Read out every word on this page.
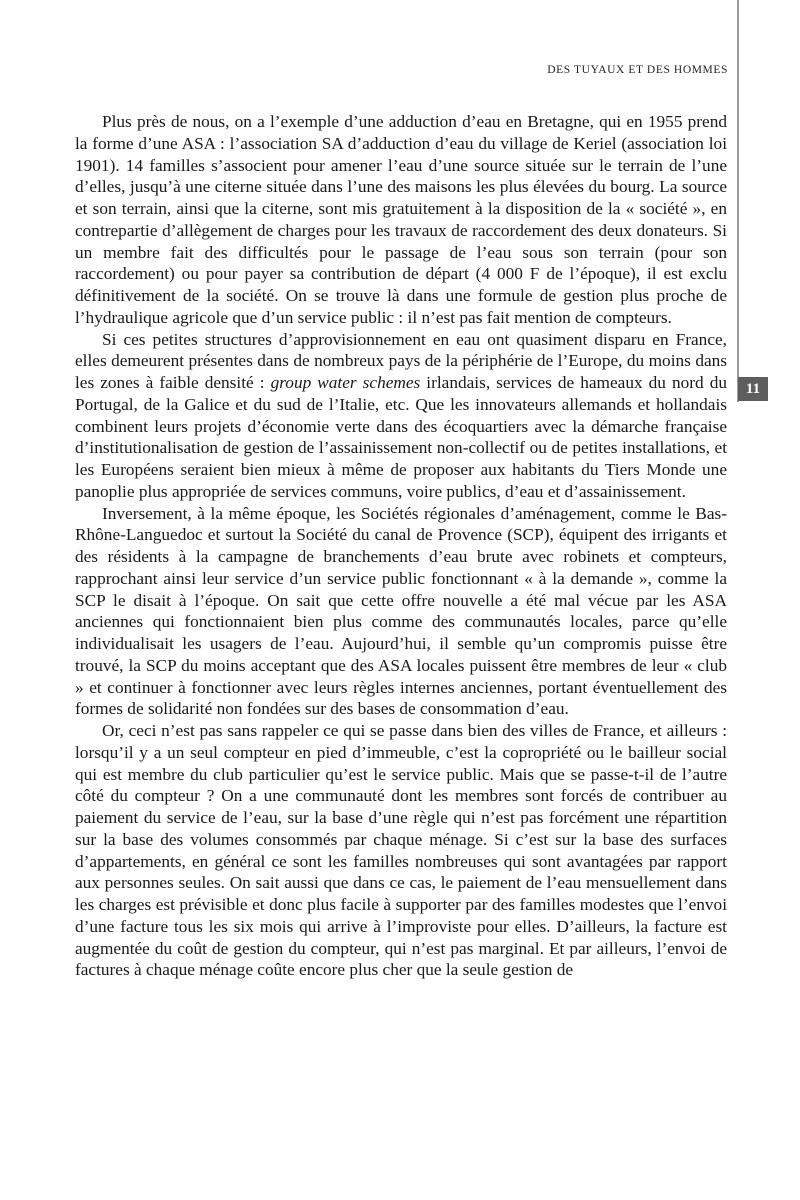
DES TUYAUX ET DES HOMMES
11

Plus près de nous, on a l’exemple d’une adduction d’eau en Bretagne, qui en 1955 prend la forme d’une ASA : l’association SA d’adduction d’eau du village de Keriel (association loi 1901). 14 familles s’associent pour amener l’eau d’une source située sur le terrain de l’une d’elles, jusqu’à une citerne située dans l’une des maisons les plus élevées du bourg. La source et son terrain, ainsi que la citerne, sont mis gratuitement à la disposition de la « société », en contrepartie d’allègement de charges pour les travaux de raccordement des deux donateurs. Si un membre fait des difficultés pour le passage de l’eau sous son terrain (pour son raccordement) ou pour payer sa contribution de départ (4 000 F de l’époque), il est exclu définitivement de la société. On se trouve là dans une formule de gestion plus proche de l’hydraulique agricole que d’un service public : il n’est pas fait mention de compteurs.

Si ces petites structures d’approvisionnement en eau ont quasiment disparu en France, elles demeurent présentes dans de nombreux pays de la périphérie de l’Europe, du moins dans les zones à faible densité : group water schemes irlandais, services de hameaux du nord du Portugal, de la Galice et du sud de l’Italie, etc. Que les innovateurs allemands et hollandais combinent leurs projets d’économie verte dans des écoquartiers avec la démarche française d’institutionalisation de gestion de l’assainissement non-collectif ou de petites installations, et les Européens seraient bien mieux à même de proposer aux habitants du Tiers Monde une panoplie plus appropriée de services communs, voire publics, d’eau et d’assainissement.

Inversement, à la même époque, les Sociétés régionales d’aménagement, comme le Bas-Rhône-Languedoc et surtout la Société du canal de Provence (SCP), équipent des irrigants et des résidents à la campagne de branchements d’eau brute avec robinets et compteurs, rapprochant ainsi leur service d’un service public fonctionnant « à la demande », comme la SCP le disait à l’époque. On sait que cette offre nouvelle a été mal vécue par les ASA anciennes qui fonctionnaient bien plus comme des communautés locales, parce qu’elle individualisait les usagers de l’eau. Aujourd’hui, il semble qu’un compromis puisse être trouvé, la SCP du moins acceptant que des ASA locales puissent être membres de leur « club » et continuer à fonctionner avec leurs règles internes anciennes, portant éventuellement des formes de solidarité non fondées sur des bases de consommation d’eau.

Or, ceci n’est pas sans rappeler ce qui se passe dans bien des villes de France, et ailleurs : lorsqu’il y a un seul compteur en pied d’immeuble, c’est la copropriété ou le bailleur social qui est membre du club particulier qu’est le service public. Mais que se passe-t-il de l’autre côté du compteur ? On a une communauté dont les membres sont forcés de contribuer au paiement du service de l’eau, sur la base d’une règle qui n’est pas forcément une répartition sur la base des volumes consommés par chaque ménage. Si c’est sur la base des surfaces d’appartements, en général ce sont les familles nombreuses qui sont avantagées par rapport aux personnes seules. On sait aussi que dans ce cas, le paiement de l’eau mensuellement dans les charges est prévisible et donc plus facile à supporter par des familles modestes que l’envoi d’une facture tous les six mois qui arrive à l’improviste pour elles. D’ailleurs, la facture est augmentée du coût de gestion du compteur, qui n’est pas marginal. Et par ailleurs, l’envoi de factures à chaque ménage coûte encore plus cher que la seule gestion de
